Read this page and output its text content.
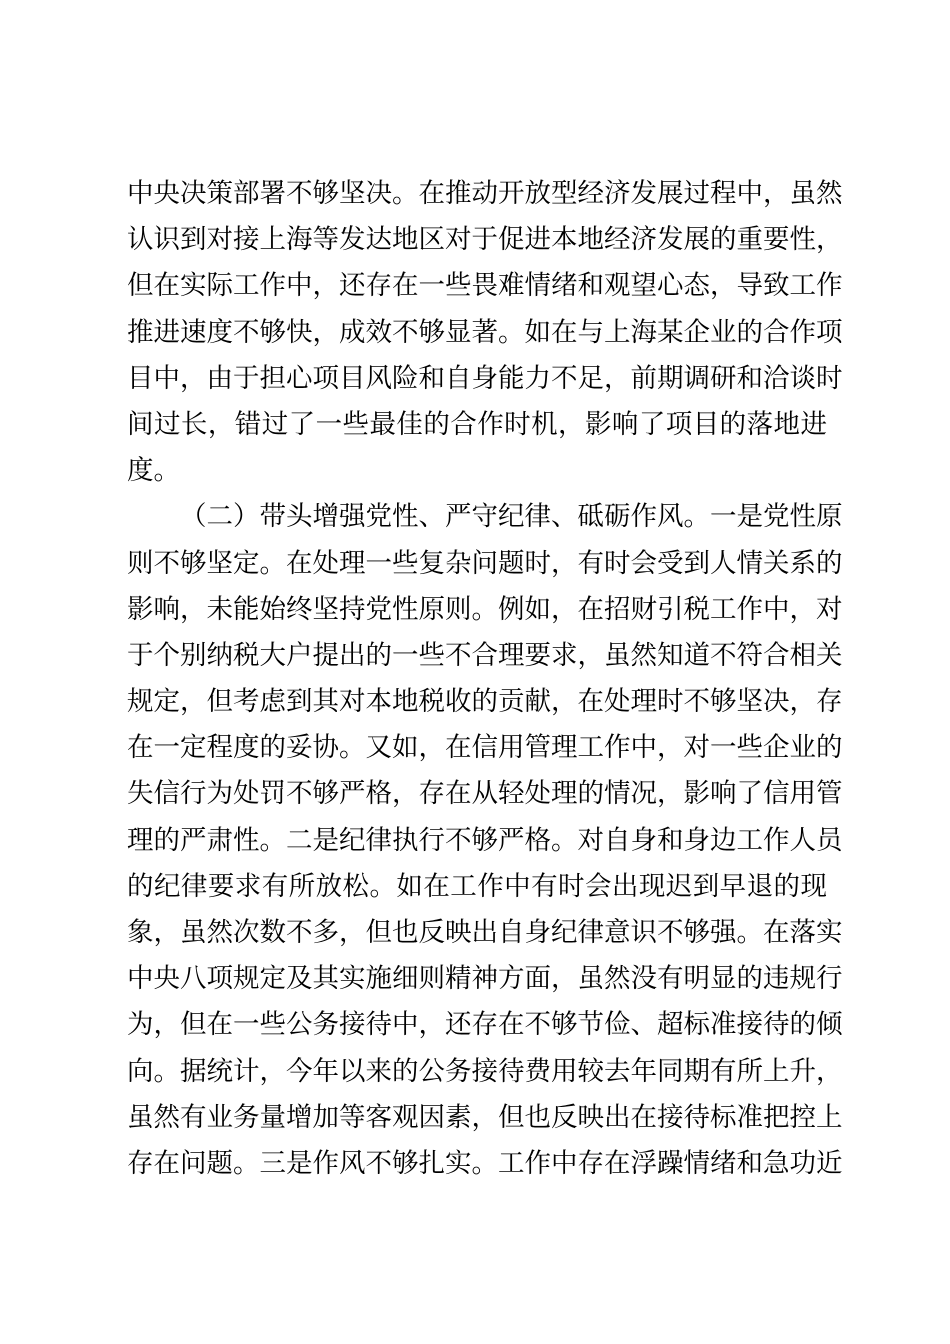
中央决策部署不够坚决。在推动开放型经济发展过程中，虽然
认识到对接上海等发达地区对于促进本地经济发展的重要性，
但在实际工作中，还存在一些畏难情绪和观望心态，导致工作
推进速度不够快，成效不够显著。如在与上海某企业的合作项
目中，由于担心项目风险和自身能力不足，前期调研和洽谈时
间过长，错过了一些最佳的合作时机，影响了项目的落地进
度。
（二）带头增强党性、严守纪律、砥砺作风。一是党性原
则不够坚定。在处理一些复杂问题时，有时会受到人情关系的
影响，未能始终坚持党性原则。例如，在招财引税工作中，对
于个别纳税大户提出的一些不合理要求，虽然知道不符合相关
规定，但考虑到其对本地税收的贡献，在处理时不够坚决，存
在一定程度的妥协。又如，在信用管理工作中，对一些企业的
失信行为处罚不够严格，存在从轻处理的情况，影响了信用管
理的严肃性。二是纪律执行不够严格。对自身和身边工作人员
的纪律要求有所放松。如在工作中有时会出现迟到早退的现
象，虽然次数不多，但也反映出自身纪律意识不够强。在落实
中央八项规定及其实施细则精神方面，虽然没有明显的违规行
为，但在一些公务接待中，还存在不够节俭、超标准接待的倾
向。据统计，今年以来的公务接待费用较去年同期有所上升，
虽然有业务量增加等客观因素，但也反映出在接待标准把控上
存在问题。三是作风不够扎实。工作中存在浮躁情绪和急功近
